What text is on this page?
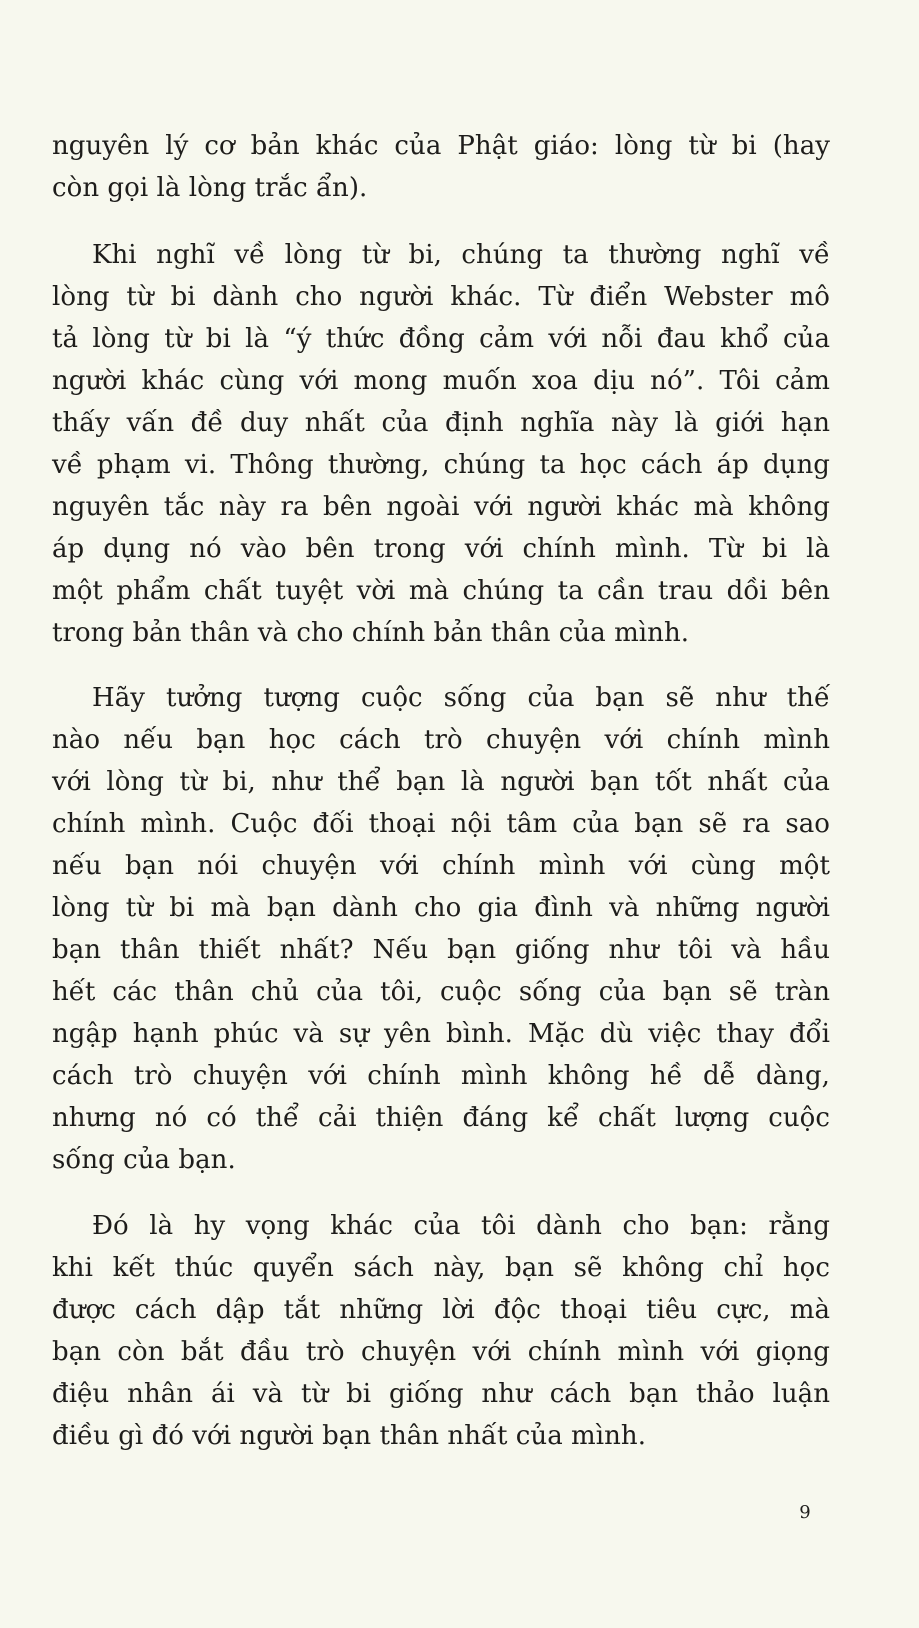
nguyên lý cơ bản khác của Phật giáo: lòng từ bi (hay
còn gọi là lòng trắc ẩn).
Khi nghĩ về lòng từ bi, chúng ta thường nghĩ về
lòng từ bi dành cho người khác. Từ điển Webster mô
tả lòng từ bi là “ý thức đồng cảm với nỗi đau khổ của
người khác cùng với mong muốn xoa dịu nó”. Tôi cảm
thấy vấn đề duy nhất của định nghĩa này là giới hạn
về phạm vi. Thông thường, chúng ta học cách áp dụng
nguyên tắc này ra bên ngoài với người khác mà không
áp dụng nó vào bên trong với chính mình. Từ bi là
một phẩm chất tuyệt vời mà chúng ta cần trau dồi bên
trong bản thân và cho chính bản thân của mình.
Hãy tưởng tượng cuộc sống của bạn sẽ như thế
nào nếu bạn học cách trò chuyện với chính mình
với lòng từ bi, như thể bạn là người bạn tốt nhất của
chính mình. Cuộc đối thoại nội tâm của bạn sẽ ra sao
nếu bạn nói chuyện với chính mình với cùng một
lòng từ bi mà bạn dành cho gia đình và những người
bạn thân thiết nhất? Nếu bạn giống như tôi và hầu
hết các thân chủ của tôi, cuộc sống của bạn sẽ tràn
ngập hạnh phúc và sự yên bình. Mặc dù việc thay đổi
cách trò chuyện với chính mình không hề dễ dàng,
nhưng nó có thể cải thiện đáng kể chất lượng cuộc
sống của bạn.
Đó là hy vọng khác của tôi dành cho bạn: rằng
khi kết thúc quyển sách này, bạn sẽ không chỉ học
được cách dập tắt những lời độc thoại tiêu cực, mà
bạn còn bắt đầu trò chuyện với chính mình với giọng
điệu nhân ái và từ bi giống như cách bạn thảo luận
điều gì đó với người bạn thân nhất của mình.
9
